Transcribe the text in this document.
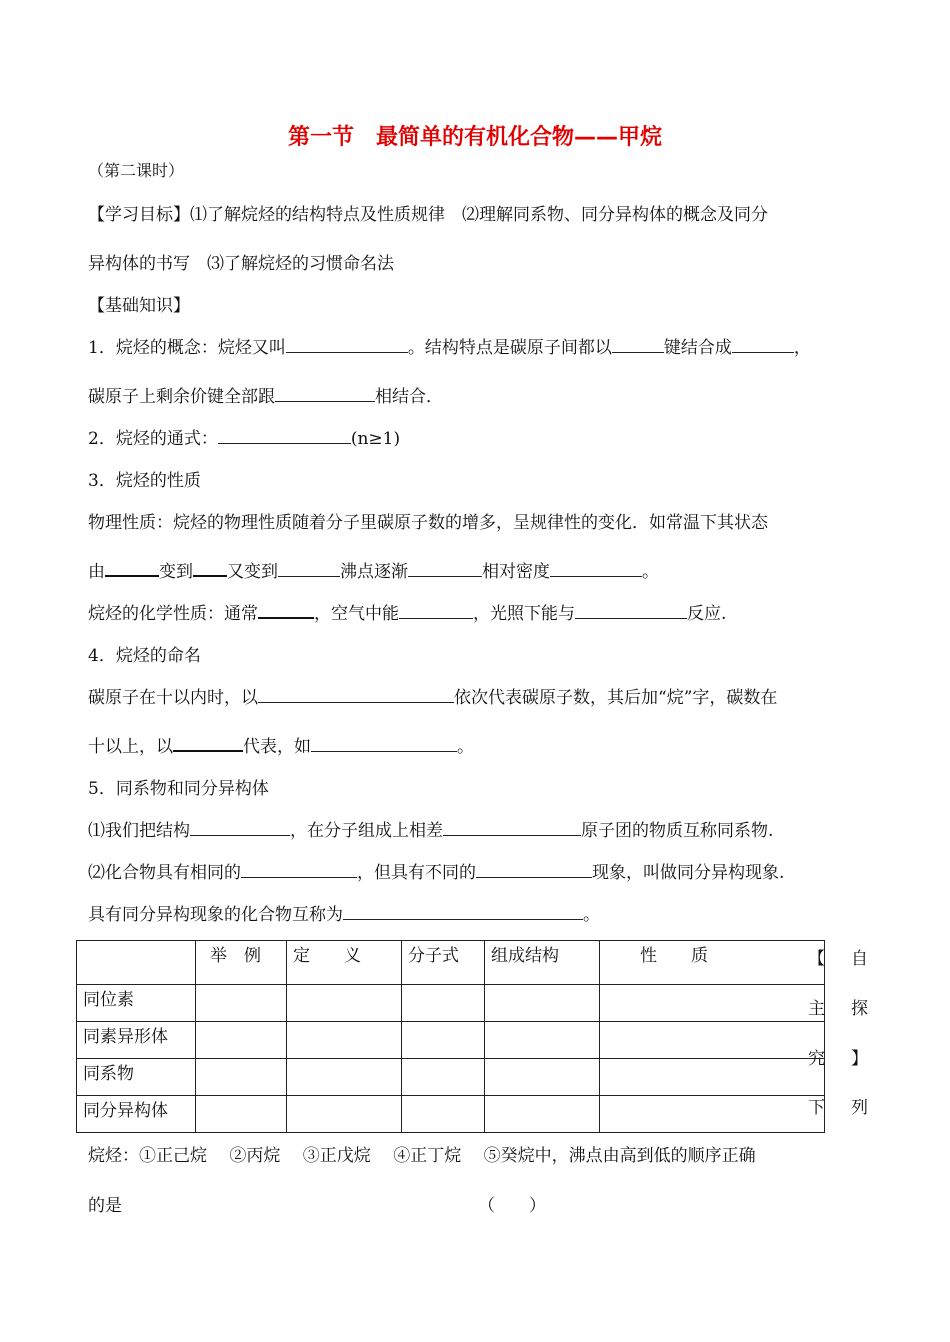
第一节　最简单的有机化合物——甲烷
（第二课时）
【学习目标】⑴了解烷烃的结构特点及性质规律　⑵理解同系物、同分异构体的概念及同分
异构体的书写　⑶了解烷烃的习惯命名法
【基础知识】
1．烷烃的概念：烷烃又叫	。结构特点是碳原子间都以	键结合成	，
碳原子上剩余价键全部跟	相结合．
2．烷烃的通式：	(n≥1)
3．烷烃的性质
物理性质：烷烃的物理性质随着分子里碳原子数的增多，呈规律性的变化．如常温下其状态
由	变到 又变到	沸点逐渐	相对密度	。
烷烃的化学性质：通常	，空气中能	，光照下能与	反应.
4．烷烃的命名
碳原子在十以内时，以	依次代表碳原子数，其后加“烷”字，碳数在
十以上，以	代表，如	。
5．同系物和同分异构体
⑴我们把结构	，在分子组成上相差	原子团的物质互称同系物.
⑵化合物具有相同的	，但具有不同的	现象，叫做同分异构现象.
具有同分异构现象的化合物互称为	。
	举　例	定　　义	分子式	组成结构	性　　质
同位素					
同素异形体					
同系物					
同分异构体					
【 自
主 探
究 】
下 列
烷烃：①正己烷　 ②丙烷　 ③正戊烷　 ④正丁烷　 ⑤癸烷中，沸点由高到低的顺序正确
的是	（　　）
